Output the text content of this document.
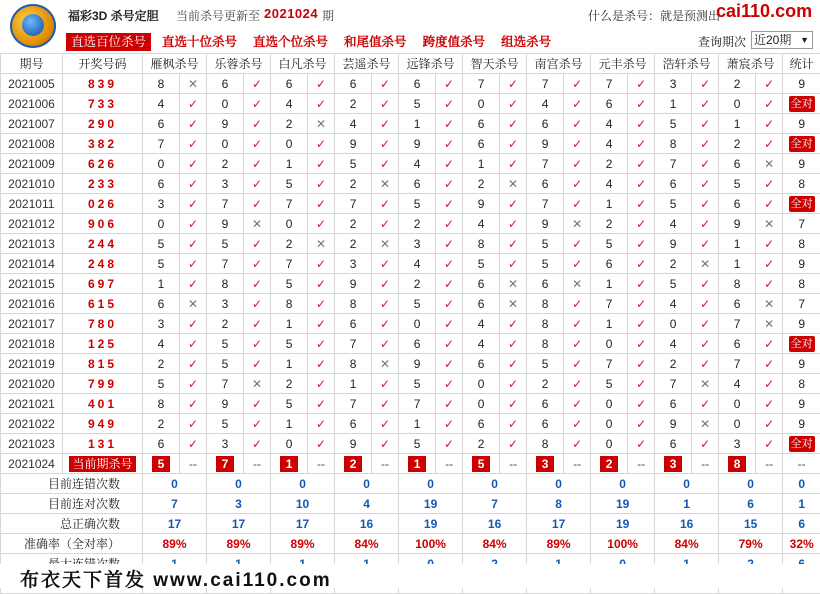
福彩3D 杀号定胆 当前杀号更新至 2021024 期	什么是杀号：就是预测出
cai110.com
直选百位杀号	直选十位杀号	直选个位杀号	和尾值杀号	跨度值杀号	组选杀号	查询期次 近20期 ▼
期号	开奖号码	雁枫杀号		乐蓉杀号		白凡杀号		芸遥杀号		远锋杀号		智天杀号		南宫杀号		元丰杀号		浩轩杀号		萧宸杀号		统计
2021005	839	8	✕	6	✓	6	✓	6	✓	6	✓	7	✓	7	✓	7	✓	3	✓	2	✓	9
2021006	733	4	✓	0	✓	4	✓	2	✓	5	✓	0	✓	4	✓	6	✓	1	✓	0	✓	全对
2021007	290	6	✓	9	✓	2	✕	4	✓	1	✓	6	✓	6	✓	4	✓	5	✓	1	✓	9
2021008	382	7	✓	0	✓	0	✓	9	✓	9	✓	6	✓	9	✓	4	✓	8	✓	2	✓	全对
2021009	626	0	✓	2	✓	1	✓	5	✓	4	✓	1	✓	7	✓	2	✓	7	✓	6	✕	9
2021010	233	6	✓	3	✓	5	✓	2	✕	6	✓	2	✕	6	✓	4	✓	6	✓	5	✓	8
2021011	026	3	✓	7	✓	7	✓	7	✓	5	✓	9	✓	7	✓	1	✓	5	✓	6	✓	全对
2021012	906	0	✓	9	✕	0	✓	2	✓	2	✓	4	✓	9	✕	2	✓	4	✓	9	✕	7
2021013	244	5	✓	5	✓	2	✕	2	✕	3	✓	8	✓	5	✓	5	✓	9	✓	1	✓	8
2021014	248	5	✓	7	✓	7	✓	3	✓	4	✓	5	✓	5	✓	6	✓	2	✕	1	✓	9
2021015	697	1	✓	8	✓	5	✓	9	✓	2	✓	6	✕	6	✕	1	✓	5	✓	8	✓	8
2021016	615	6	✕	3	✓	8	✓	8	✓	5	✓	6	✕	8	✓	7	✓	4	✓	6	✕	7
2021017	780	3	✓	2	✓	1	✓	6	✓	0	✓	4	✓	8	✓	1	✓	0	✓	7	✕	9
2021018	125	4	✓	5	✓	5	✓	7	✓	6	✓	4	✓	8	✓	0	✓	4	✓	6	✓	全对
2021019	815	2	✓	5	✓	1	✓	8	✕	9	✓	6	✓	5	✓	7	✓	2	✓	7	✓	9
2021020	799	5	✓	7	✕	2	✓	1	✓	5	✓	0	✓	2	✓	5	✓	7	✕	4	✓	8
2021021	401	8	✓	9	✓	5	✓	7	✓	7	✓	0	✓	6	✓	0	✓	6	✓	0	✓	9
2021022	949	2	✓	5	✓	1	✓	6	✓	1	✓	6	✓	6	✓	0	✓	9	✕	0	✓	9
2021023	131	6	✓	3	✓	0	✓	9	✓	5	✓	2	✓	8	✓	0	✓	6	✓	3	✓	全对
2021024	当前期杀号	5	--	7	--	1	--	2	--	1	--	5	--	3	--	2	--	3	--	8	--	--
目前连错次数		0		0		0		0		0		0		0		0		0		0		0
目前连对次数		7		3		10		4		19		7		8		19		1		6		1
总正确次数		17		17		17		16		19		16		17		19		16		15		6
准确率（全对率）		89%		89%		89%		84%		100%		84%		89%		100%		84%		79%		32%

布衣天下首发 www.cai110.com
